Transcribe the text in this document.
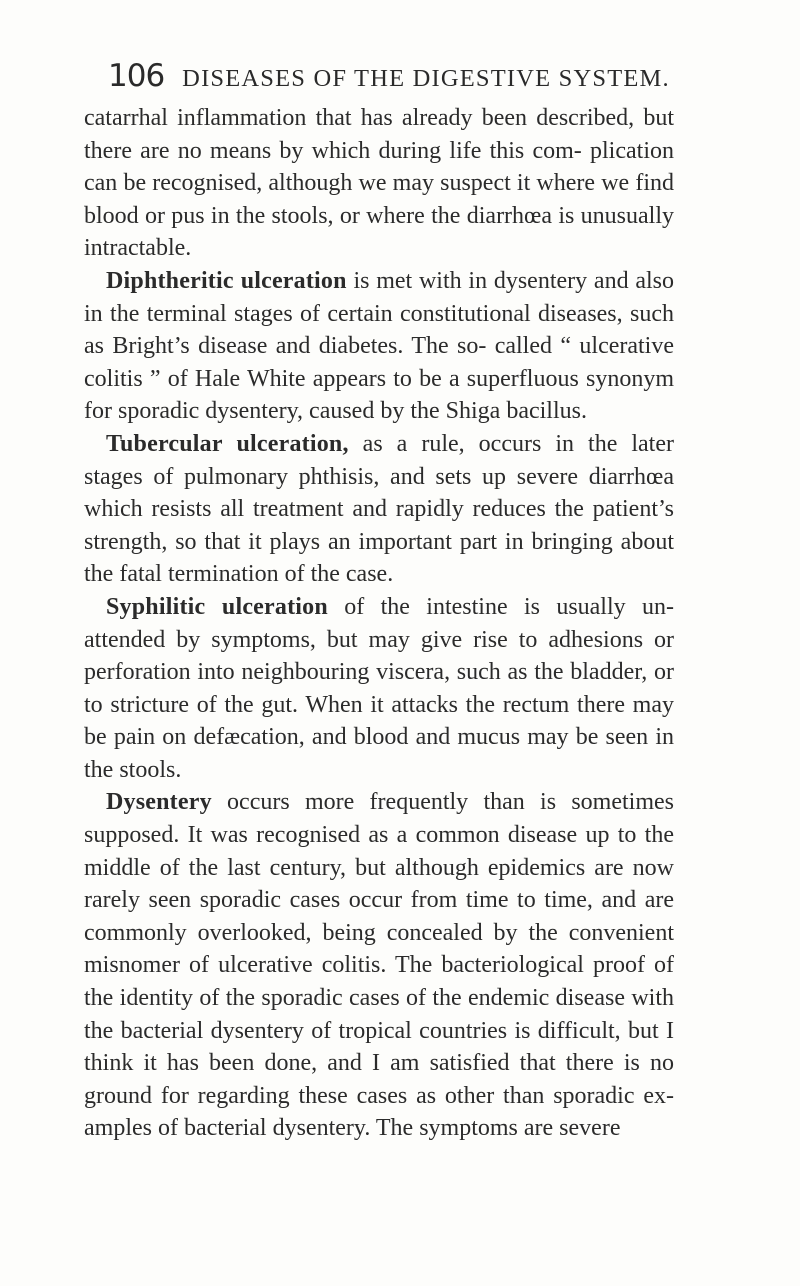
106 DISEASES OF THE DIGESTIVE SYSTEM.

catarrhal inflammation that has already been described, but there are no means by which during life this com- plication can be recognised, although we may suspect it where we find blood or pus in the stools, or where the diarrhœa is unusually intractable.

Diphtheritic ulceration is met with in dysentery and also in the terminal stages of certain constitutional diseases, such as Bright’s disease and diabetes. The so- called “ ulcerative colitis ” of Hale White appears to be a superfluous synonym for sporadic dysentery, caused by the Shiga bacillus.

Tubercular ulceration, as a rule, occurs in the later stages of pulmonary phthisis, and sets up severe diarrhœa which resists all treatment and rapidly reduces the patient’s strength, so that it plays an important part in bringing about the fatal termination of the case.

Syphilitic ulceration of the intestine is usually un- attended by symptoms, but may give rise to adhesions or perforation into neighbouring viscera, such as the bladder, or to stricture of the gut. When it attacks the rectum there may be pain on defæcation, and blood and mucus may be seen in the stools.

Dysentery occurs more frequently than is sometimes supposed. It was recognised as a common disease up to the middle of the last century, but although epidemics are now rarely seen sporadic cases occur from time to time, and are commonly overlooked, being concealed by the convenient misnomer of ulcerative colitis. The bacteriological proof of the identity of the sporadic cases of the endemic disease with the bacterial dysentery of tropical countries is difficult, but I think it has been done, and I am satisfied that there is no ground for regarding these cases as other than sporadic ex- amples of bacterial dysentery. The symptoms are severe
